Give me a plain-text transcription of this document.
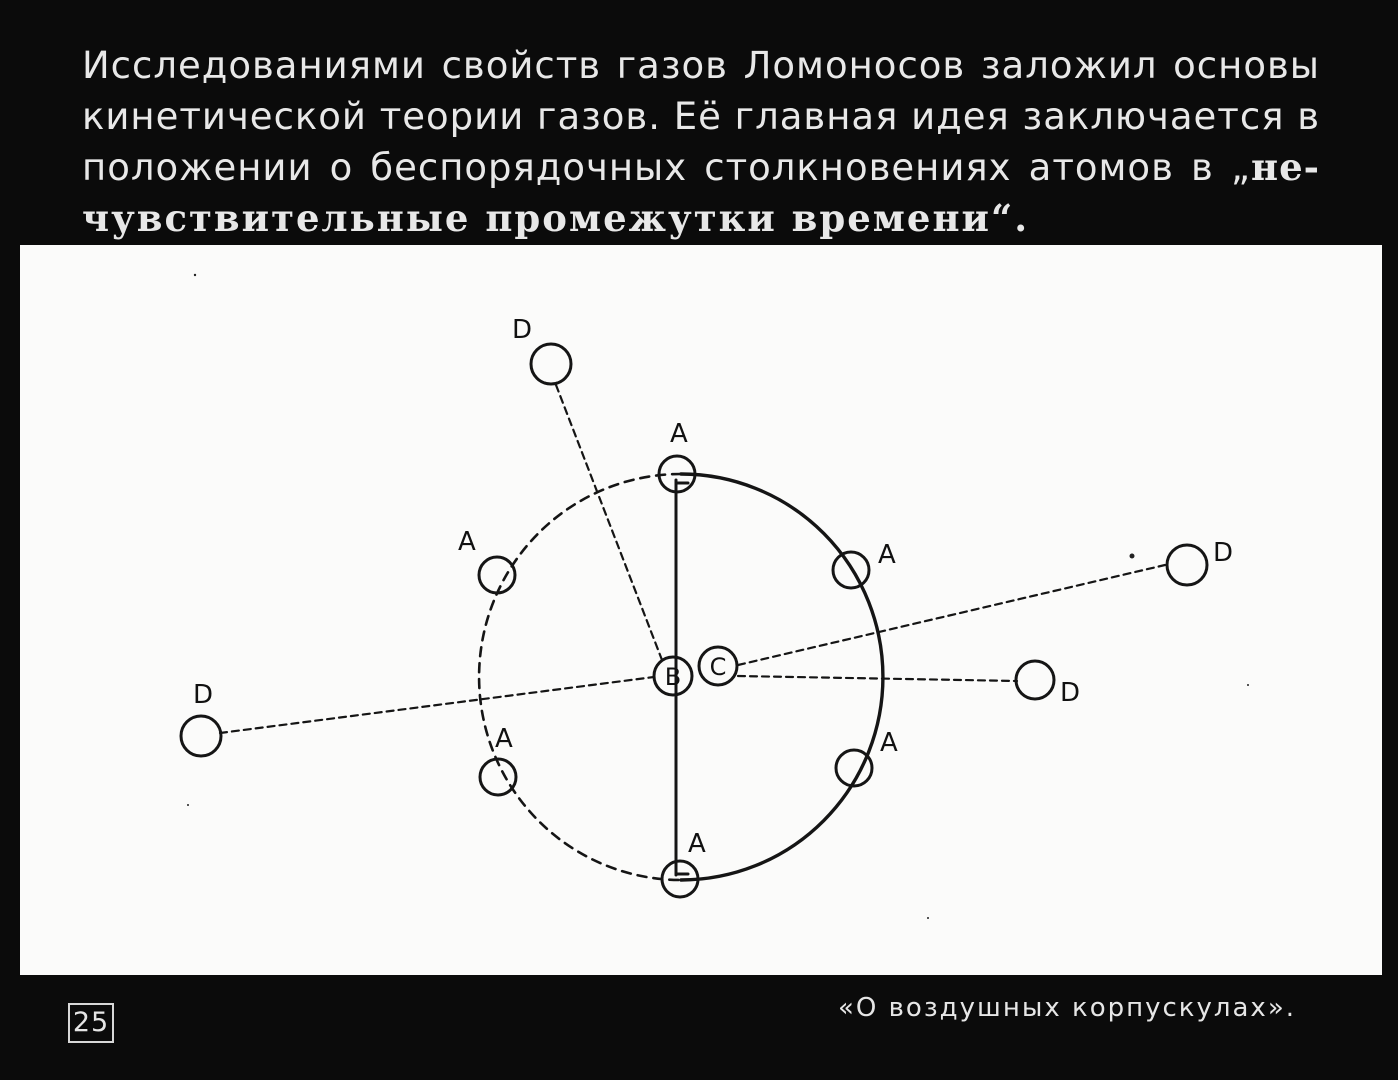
Исследованиями свойств газов Ломоносов заложил основы
кинетической теории газов. Её главная идея заключается в
положении о беспорядочных столкновениях атомов в „не-
чувствительные промежутки времени“.
B C
A
A	A
A	A
A
D
D
D
D
25	«О воздушных корпускулах».
